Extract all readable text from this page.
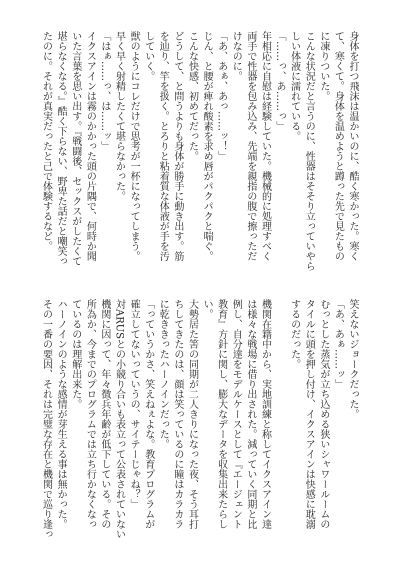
身体を打つ飛沫は温かいのに、酷く寒かった。寒く

て、寒くて。身体を温めようと蹲った先で見たもの

に凍りついた。

こんな状況だと言うのに、性器はそそり立っていやら

しい体液に濡れている。

「……っ、あ……っ」

年相応に自慰は経験していた。機械的に処理すべく

両手で性器を包み込み、先端を親指の腹で擦っただ

けなのに。

「あ、あぁ、あっ……ッ！」

じん、と腰が痺れ酸素を求め唇がパクパクと喘ぐ。

こんな快感、初めてだった。

どうして、と問うよりも身体が勝手に動き出す。筋

を辿り、竿を扱く。とろりと粘着質な体液が手を汚

していく。

獣のようにコレだけで思考が一杯になってしまう。

早く早く射精したくて堪らなかった。

「はぁ……っ、は……ッ」

イクスアインは霧のかかった頭の片隅で、何時か聞

いた言葉を思い出す。『戦闘後、セックスがしたくて

堪らなくなる。』酷く下らない、野卑た話だと嘲笑っ

たのに。それが真実だったと己で体験するなど。

笑えないジョークだった。

「あ、あぁ……ッ」

むっとした蒸気が立ち込める狭いシャワールームの

タイルに頭を押し付け、イクスアインは快感に耽溺

するのだった。

機関在籍中から、実地訓練と称してイクスアイン達

は様々な戦場に借り出された。減っていく同期と比

例し、自分達をモデルケースとして『エージェント

教育』方針に関し、膨大なデータを収集出来たらし

い。

大勢居た筈の同期が二人きりになった夜、そう耳打

ちしてきたのは、顔は笑っているのに瞳はカラカラ

に乾ききったハーノインだった。

「っていうかさ、笑えねぇよな。教育プログラムが

確立してないっていうの、サイテーじゃね？」

対ARUSとの小競り合いも表立って公表されていない

機関に因って、年々徴兵年齢が低下している。その

所為か、今までのプログラムでは立ち行かなくなっ

ているのは理解出来た。

ハーノインのような感情が芽生える事は無かった。

その一番の要因、それは完璧な存在と機関で巡り逢っ
